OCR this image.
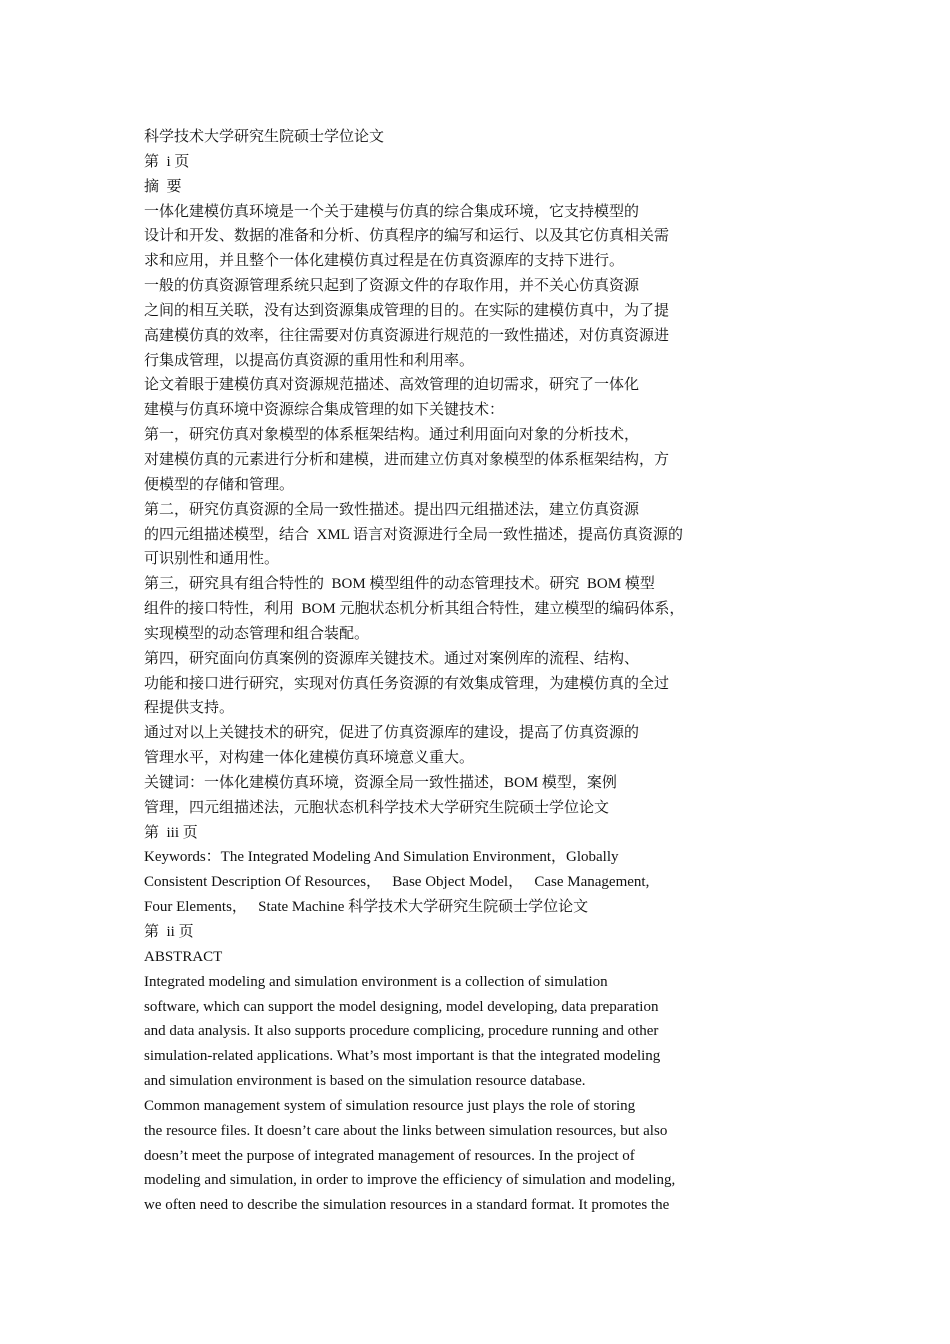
科学技术大学研究生院硕士学位论文
第  i 页
摘  要
一体化建模仿真环境是一个关于建模与仿真的综合集成环境，它支持模型的
设计和开发、数据的准备和分析、仿真程序的编写和运行、以及其它仿真相关需
求和应用，并且整个一体化建模仿真过程是在仿真资源库的支持下进行。
一般的仿真资源管理系统只起到了资源文件的存取作用，并不关心仿真资源
之间的相互关联，没有达到资源集成管理的目的。在实际的建模仿真中，为了提
高建模仿真的效率，往往需要对仿真资源进行规范的一致性描述，对仿真资源进
行集成管理，以提高仿真资源的重用性和利用率。
论文着眼于建模仿真对资源规范描述、高效管理的迫切需求，研究了一体化
建模与仿真环境中资源综合集成管理的如下关键技术：
第一，研究仿真对象模型的体系框架结构。通过利用面向对象的分析技术，
对建模仿真的元素进行分析和建模，进而建立仿真对象模型的体系框架结构，方
便模型的存储和管理。
第二，研究仿真资源的全局一致性描述。提出四元组描述法，建立仿真资源
的四元组描述模型，结合  XML 语言对资源进行全局一致性描述，提高仿真资源的
可识别性和通用性。
第三，研究具有组合特性的  BOM 模型组件的动态管理技术。研究  BOM 模型
组件的接口特性，利用  BOM 元胞状态机分析其组合特性，建立模型的编码体系，
实现模型的动态管理和组合装配。
第四，研究面向仿真案例的资源库关键技术。通过对案例库的流程、结构、
功能和接口进行研究，实现对仿真任务资源的有效集成管理，为建模仿真的全过
程提供支持。
通过对以上关键技术的研究，促进了仿真资源库的建设，提高了仿真资源的
管理水平，对构建一体化建模仿真环境意义重大。
关键词：一体化建模仿真环境，资源全局一致性描述，BOM 模型，案例
管理，四元组描述法，元胞状态机科学技术大学研究生院硕士学位论文
第  iii 页
Keywords：The Integrated Modeling And Simulation Environment，Globally
Consistent Description Of Resources，   Base Object Model，   Case Management,
Four Elements，   State Machine 科学技术大学研究生院硕士学位论文
第  ii 页
ABSTRACT
Integrated modeling and simulation environment is a collection of simulation
software, which can support the model designing, model developing, data preparation
and data analysis. It also supports procedure complicing, procedure running and other
simulation-related applications. What’s most important is that the integrated modeling
and simulation environment is based on the simulation resource database.
Common management system of simulation resource just plays the role of storing
the resource files. It doesn’t care about the links between simulation resources, but also
doesn’t meet the purpose of integrated management of resources. In the project of
modeling and simulation, in order to improve the efficiency of simulation and modeling,
we often need to describe the simulation resources in a standard format. It promotes the
